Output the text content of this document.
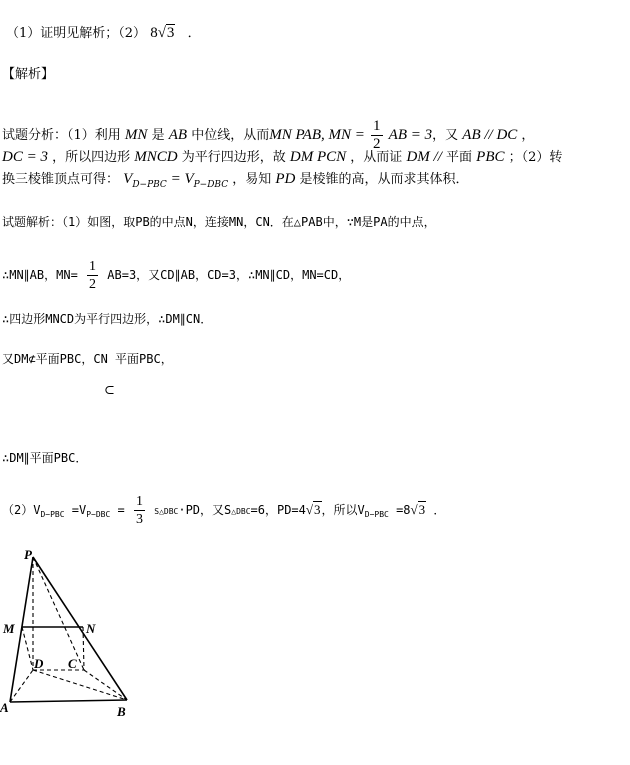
（1）证明见解析；（2） 8√3 ．
【解析】
试题分析：（1）利用 MN 是 AB 中位线，从而MN PAB, MN = $\frac{1}{2}$ AB = 3，又 AB // DC ，
DC = 3 ，所以四边形 MNCD 为平行四边形，故 DM PCN ，从而证 DM // 平面 PBC ；（2）转
换三棱锥顶点可得： $V_{D-PBC} = V_{P-DBC}$ ，易知 PD 是棱锥的高，从而求其体积．
试题解析：（1）如图，取PB的中点N，连接MN，CN．在△PAB中，∵M是PA的中点，
∴MN∥AB，$MN= \frac{1}{2} AB=3$，又CD∥AB，CD=3，∴MN∥CD，MN=CD，
∴四边形MNCD为平行四边形，∴DM∥CN．
又DM⊄平面PBC，CN 平面PBC，
⊂
∴DM∥平面PBC．
$(2)V_{D-PBC} =V_{P-DBC} = \frac{1}{3}$ S△DBC·PD，又S△DBC=6，PD=4√3，所以$V_{D-PBC} =8√3$ ．
P
M	N
D C
A	B
